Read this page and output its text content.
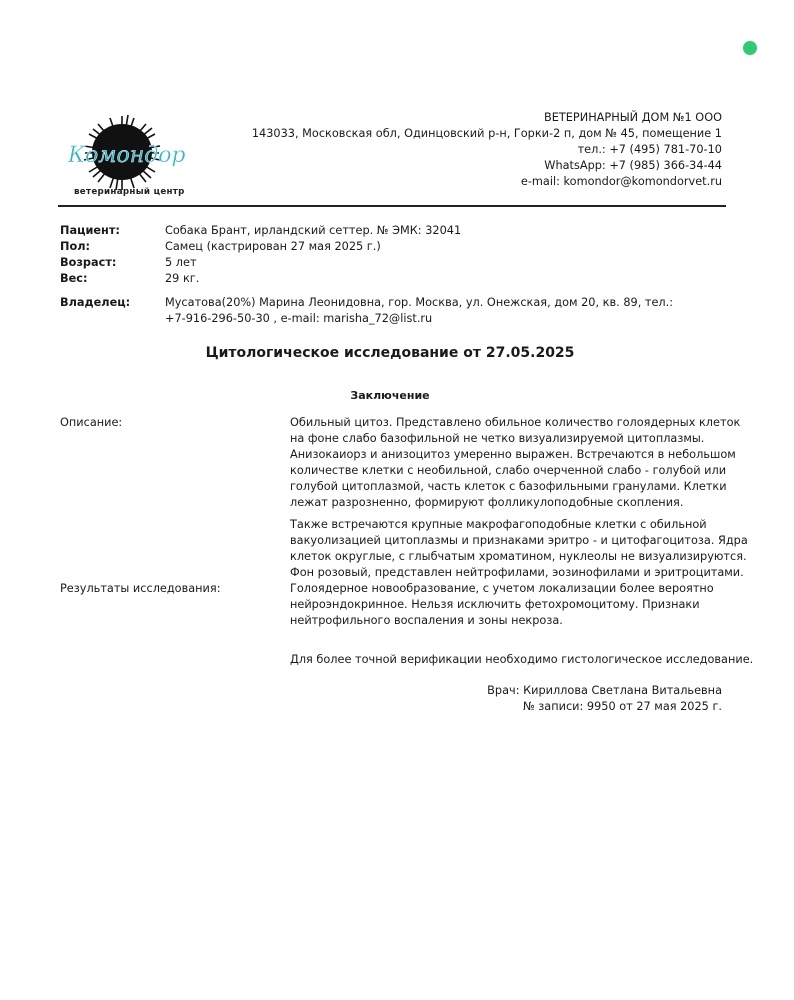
Комондор
ветеринарный центр
ВЕТЕРИНАРНЫЙ ДОМ №1 ООО
143033, Московская обл, Одинцовский р-н, Горки-2 п, дом № 45, помещение 1
тел.: +7 (495) 781-70-10
WhatsApp: +7 (985) 366-34-44
e-mail: komondor@komondorvet.ru
Пациент:	Собака Брант, ирландский сеттер. № ЭМК: 32041
Пол:	Самец (кастрирован 27 мая 2025 г.)
Возраст:	5 лет
Вес:	29 кг.
Владелец:	Мусатова(20%) Марина Леонидовна, гор. Москва, ул. Онежская, дом 20, кв. 89, тел.:
+7-916-296-50-30 , e-mail: marisha_72@list.ru
Цитологическое исследование от 27.05.2025
Заключение
Описание:	Обильный цитоз. Представлено обильное количество голоядерных клеток
на фоне слабо базофильной не четко визуализируемой цитоплазмы.
Анизокаиорз и анизоцитоз умеренно выражен. Встречаются в небольшом
количестве клетки с необильной, слабо очерченной слабо - голубой или
голубой цитоплазмой, часть клеток с базофильными гранулами. Клетки
лежат разрозненно, формируют фолликулоподобные скопления.
Также встречаются крупные макрофагоподобные клетки с обильной
вакуолизацией цитоплазмы и признаками эритро - и цитофагоцитоза. Ядра
клеток округлые, с глыбчатым хроматином, нуклеолы не визуализируются.
Фон розовый, представлен нейтрофилами, эозинофилами и эритроцитами.
Результаты исследования:	Голоядерное новообразование, с учетом локализации более вероятно
нейроэндокринное. Нельзя исключить фетохромоцитому. Признаки
нейтрофильного воспаления и зоны некроза.
Для более точной верификации необходимо гистологическое исследование.
Врач: Кириллова Светлана Витальевна
№ записи: 9950 от 27 мая 2025 г.
